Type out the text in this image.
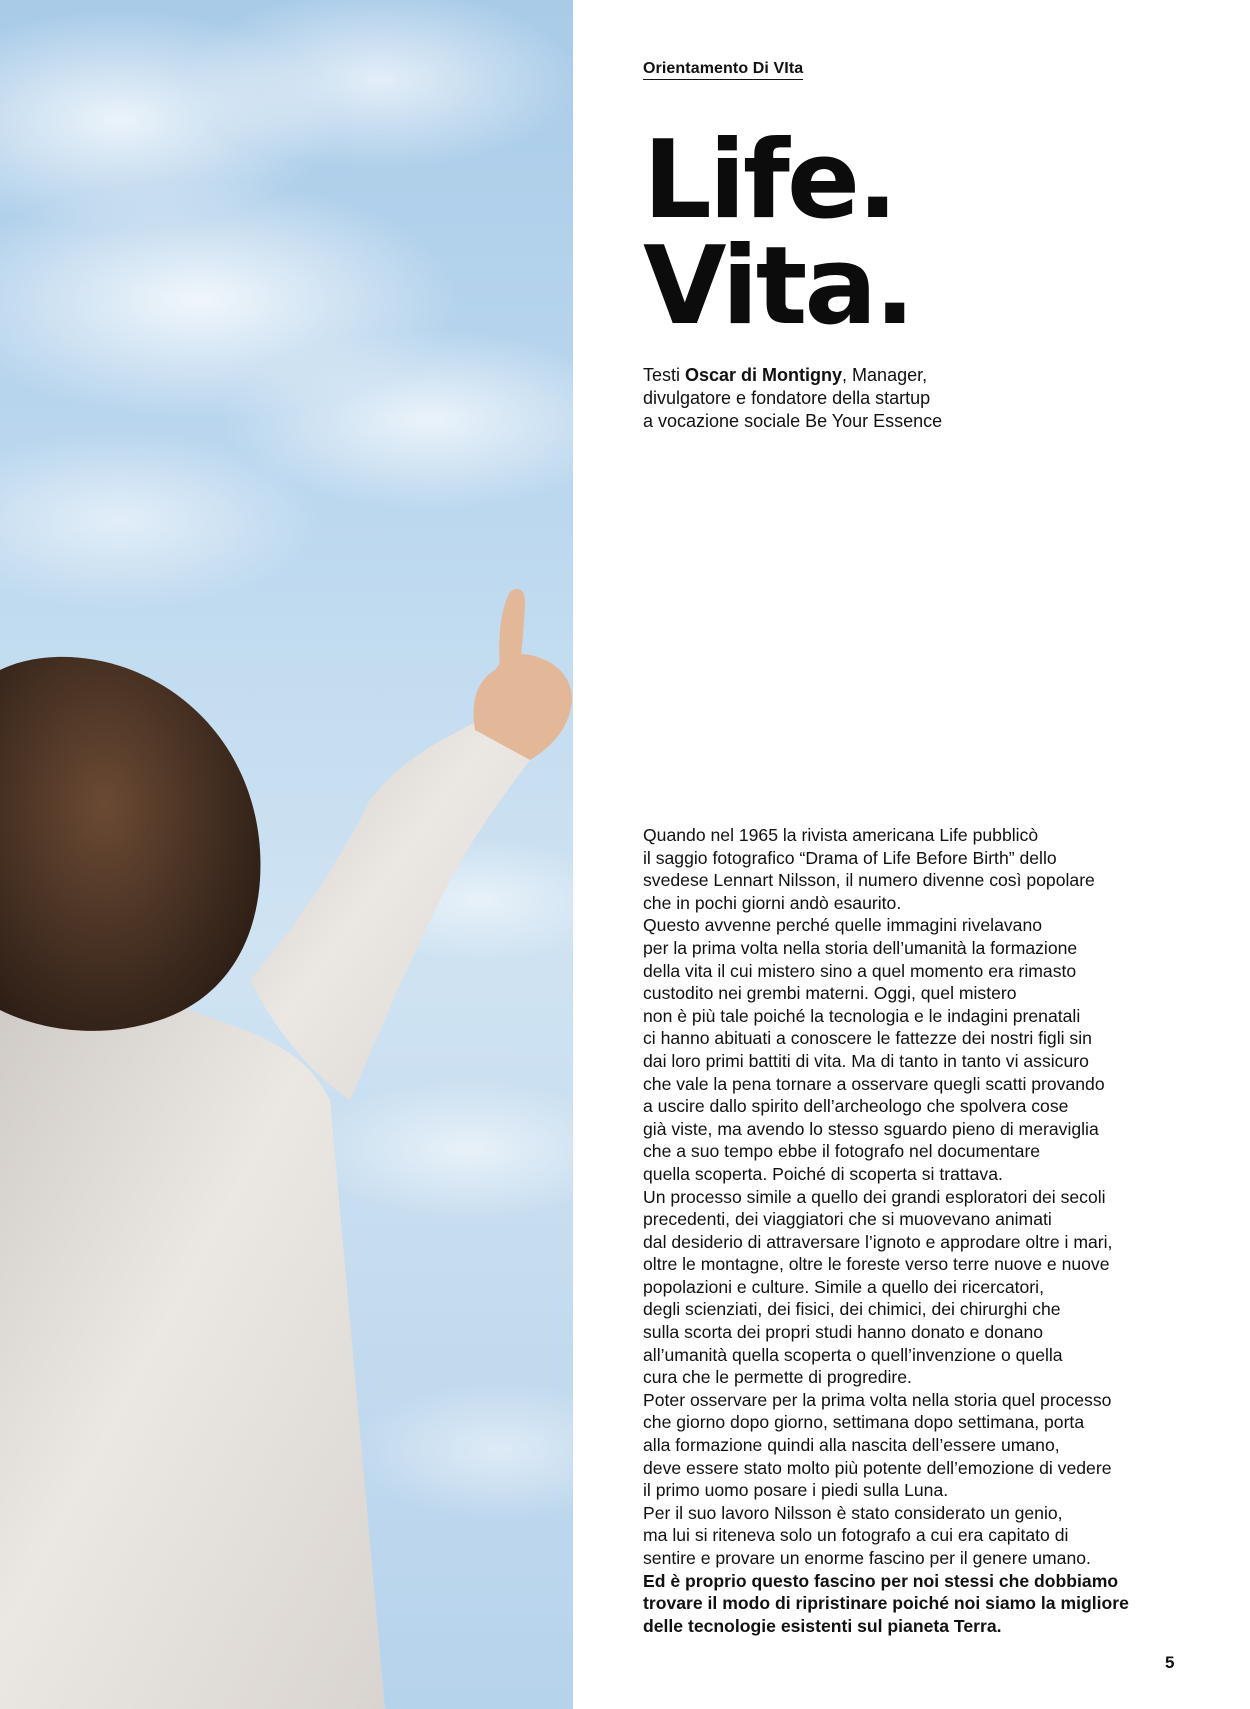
Orientamento Di VIta
Life.
Vita.
Testi Oscar di Montigny, Manager,
divulgatore e fondatore della startup
a vocazione sociale Be Your Essence
Quando nel 1965 la rivista americana Life pubblicò
il saggio fotografico “Drama of Life Before Birth” dello
svedese Lennart Nilsson, il numero divenne così popolare
che in pochi giorni andò esaurito.
Questo avvenne perché quelle immagini rivelavano
per la prima volta nella storia dell’umanità la formazione
della vita il cui mistero sino a quel momento era rimasto
custodito nei grembi materni. Oggi, quel mistero
non è più tale poiché la tecnologia e le indagini prenatali
ci hanno abituati a conoscere le fattezze dei nostri figli sin
dai loro primi battiti di vita. Ma di tanto in tanto vi assicuro
che vale la pena tornare a osservare quegli scatti provando
a uscire dallo spirito dell’archeologo che spolvera cose
già viste, ma avendo lo stesso sguardo pieno di meraviglia
che a suo tempo ebbe il fotografo nel documentare
quella scoperta. Poiché di scoperta si trattava.
Un processo simile a quello dei grandi esploratori dei secoli
precedenti, dei viaggiatori che si muovevano animati
dal desiderio di attraversare l’ignoto e approdare oltre i mari,
oltre le montagne, oltre le foreste verso terre nuove e nuove
popolazioni e culture. Simile a quello dei ricercatori,
degli scienziati, dei fisici, dei chimici, dei chirurghi che
sulla scorta dei propri studi hanno donato e donano
all’umanità quella scoperta o quell’invenzione o quella
cura che le permette di progredire.
Poter osservare per la prima volta nella storia quel processo
che giorno dopo giorno, settimana dopo settimana, porta
alla formazione quindi alla nascita dell’essere umano,
deve essere stato molto più potente dell’emozione di vedere
il primo uomo posare i piedi sulla Luna.
Per il suo lavoro Nilsson è stato considerato un genio,
ma lui si riteneva solo un fotografo a cui era capitato di
sentire e provare un enorme fascino per il genere umano.
Ed è proprio questo fascino per noi stessi che dobbiamo
trovare il modo di ripristinare poiché noi siamo la migliore
delle tecnologie esistenti sul pianeta Terra.
5
